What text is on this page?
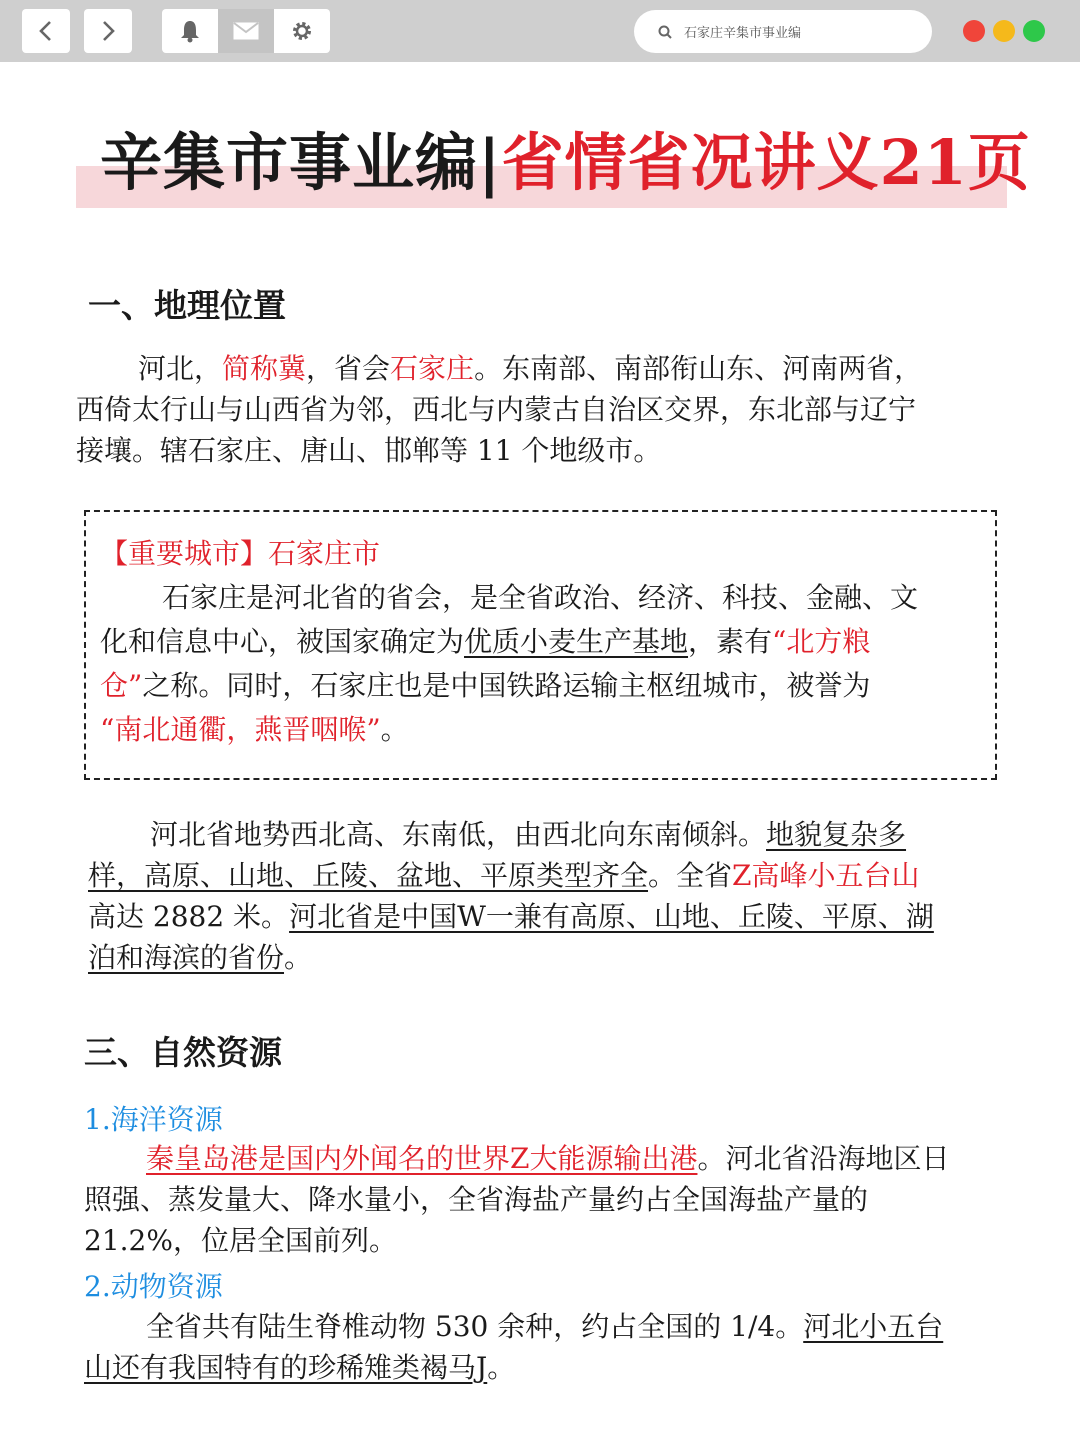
石家庄辛集市事业编
辛集市事业编|省情省况讲义21页
一、地理位置
河北，简称冀，省会石家庄。东南部、南部衔山东、河南两省，
西倚太行山与山西省为邻，西北与内蒙古自治区交界，东北部与辽宁
接壤。辖石家庄、唐山、邯郸等 11 个地级市。
【重要城市】石家庄市
石家庄是河北省的省会，是全省政治、经济、科技、金融、文
化和信息中心，被国家确定为优质小麦生产基地，素有“北方粮
仓”之称。同时，石家庄也是中国铁路运输主枢纽城市，被誉为
“南北通衢，燕晋咽喉”。
河北省地势西北高、东南低，由西北向东南倾斜。地貌复杂多
样，高原、山地、丘陵、盆地、平原类型齐全。全省Z高峰小五台山
高达 2882 米。河北省是中国W一兼有高原、山地、丘陵、平原、湖
泊和海滨的省份。
三、自然资源
1.海洋资源
秦皇岛港是国内外闻名的世界Z大能源输出港。河北省沿海地区日
照强、蒸发量大、降水量小，全省海盐产量约占全国海盐产量的
21.2%，位居全国前列。
2.动物资源
全省共有陆生脊椎动物 530 余种，约占全国的 1/4。河北小五台
山还有我国特有的珍稀雉类褐马J。
